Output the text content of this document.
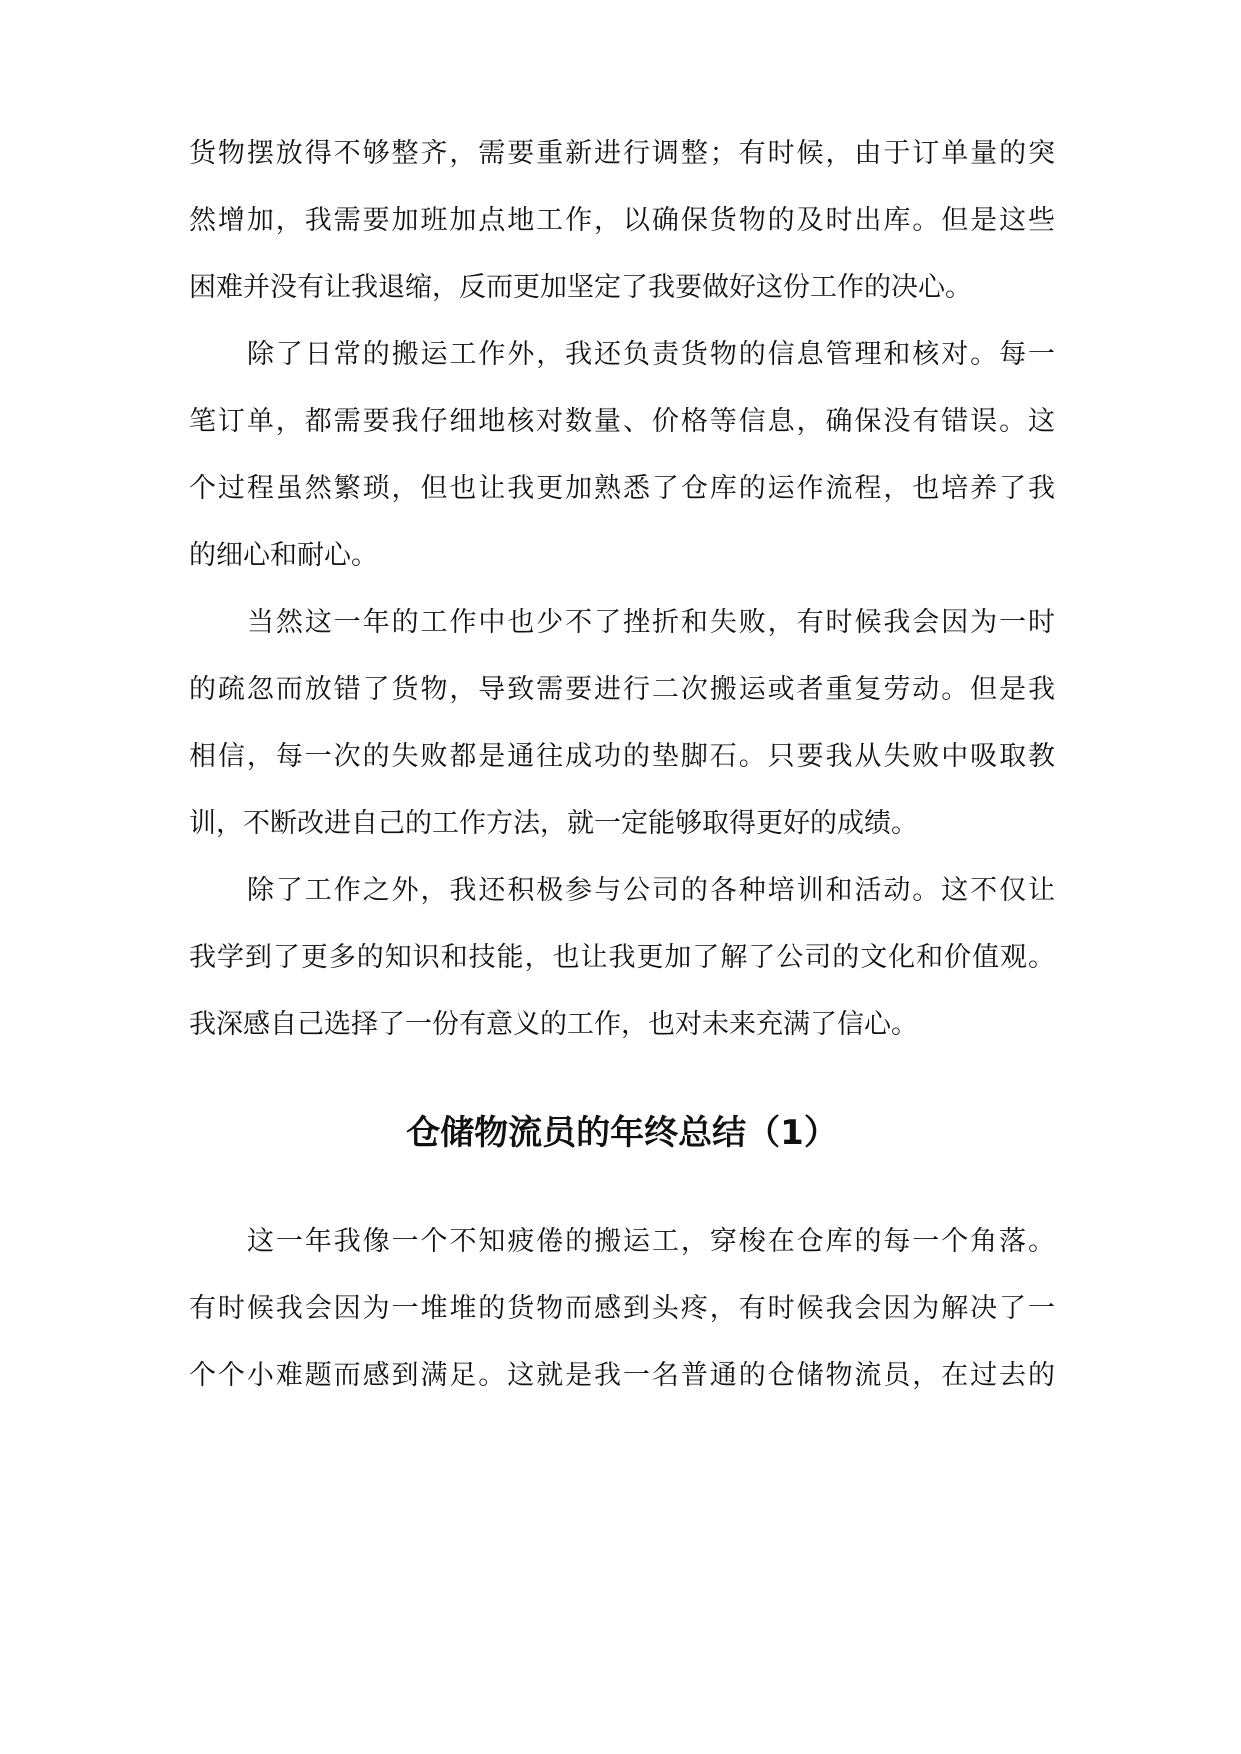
货物摆放得不够整齐，需要重新进行调整；有时候，由于订单量的突
然增加，我需要加班加点地工作，以确保货物的及时出库。但是这些
困难并没有让我退缩，反而更加坚定了我要做好这份工作的决心。
除了日常的搬运工作外，我还负责货物的信息管理和核对。每一
笔订单，都需要我仔细地核对数量、价格等信息，确保没有错误。这
个过程虽然繁琐，但也让我更加熟悉了仓库的运作流程，也培养了我
的细心和耐心。
当然这一年的工作中也少不了挫折和失败，有时候我会因为一时
的疏忽而放错了货物，导致需要进行二次搬运或者重复劳动。但是我
相信，每一次的失败都是通往成功的垫脚石。只要我从失败中吸取教
训，不断改进自己的工作方法，就一定能够取得更好的成绩。
除了工作之外，我还积极参与公司的各种培训和活动。这不仅让
我学到了更多的知识和技能，也让我更加了解了公司的文化和价值观。
我深感自己选择了一份有意义的工作，也对未来充满了信心。
仓储物流员的年终总结（1）
这一年我像一个不知疲倦的搬运工，穿梭在仓库的每一个角落。
有时候我会因为一堆堆的货物而感到头疼，有时候我会因为解决了一
个个小难题而感到满足。这就是我一名普通的仓储物流员，在过去的
